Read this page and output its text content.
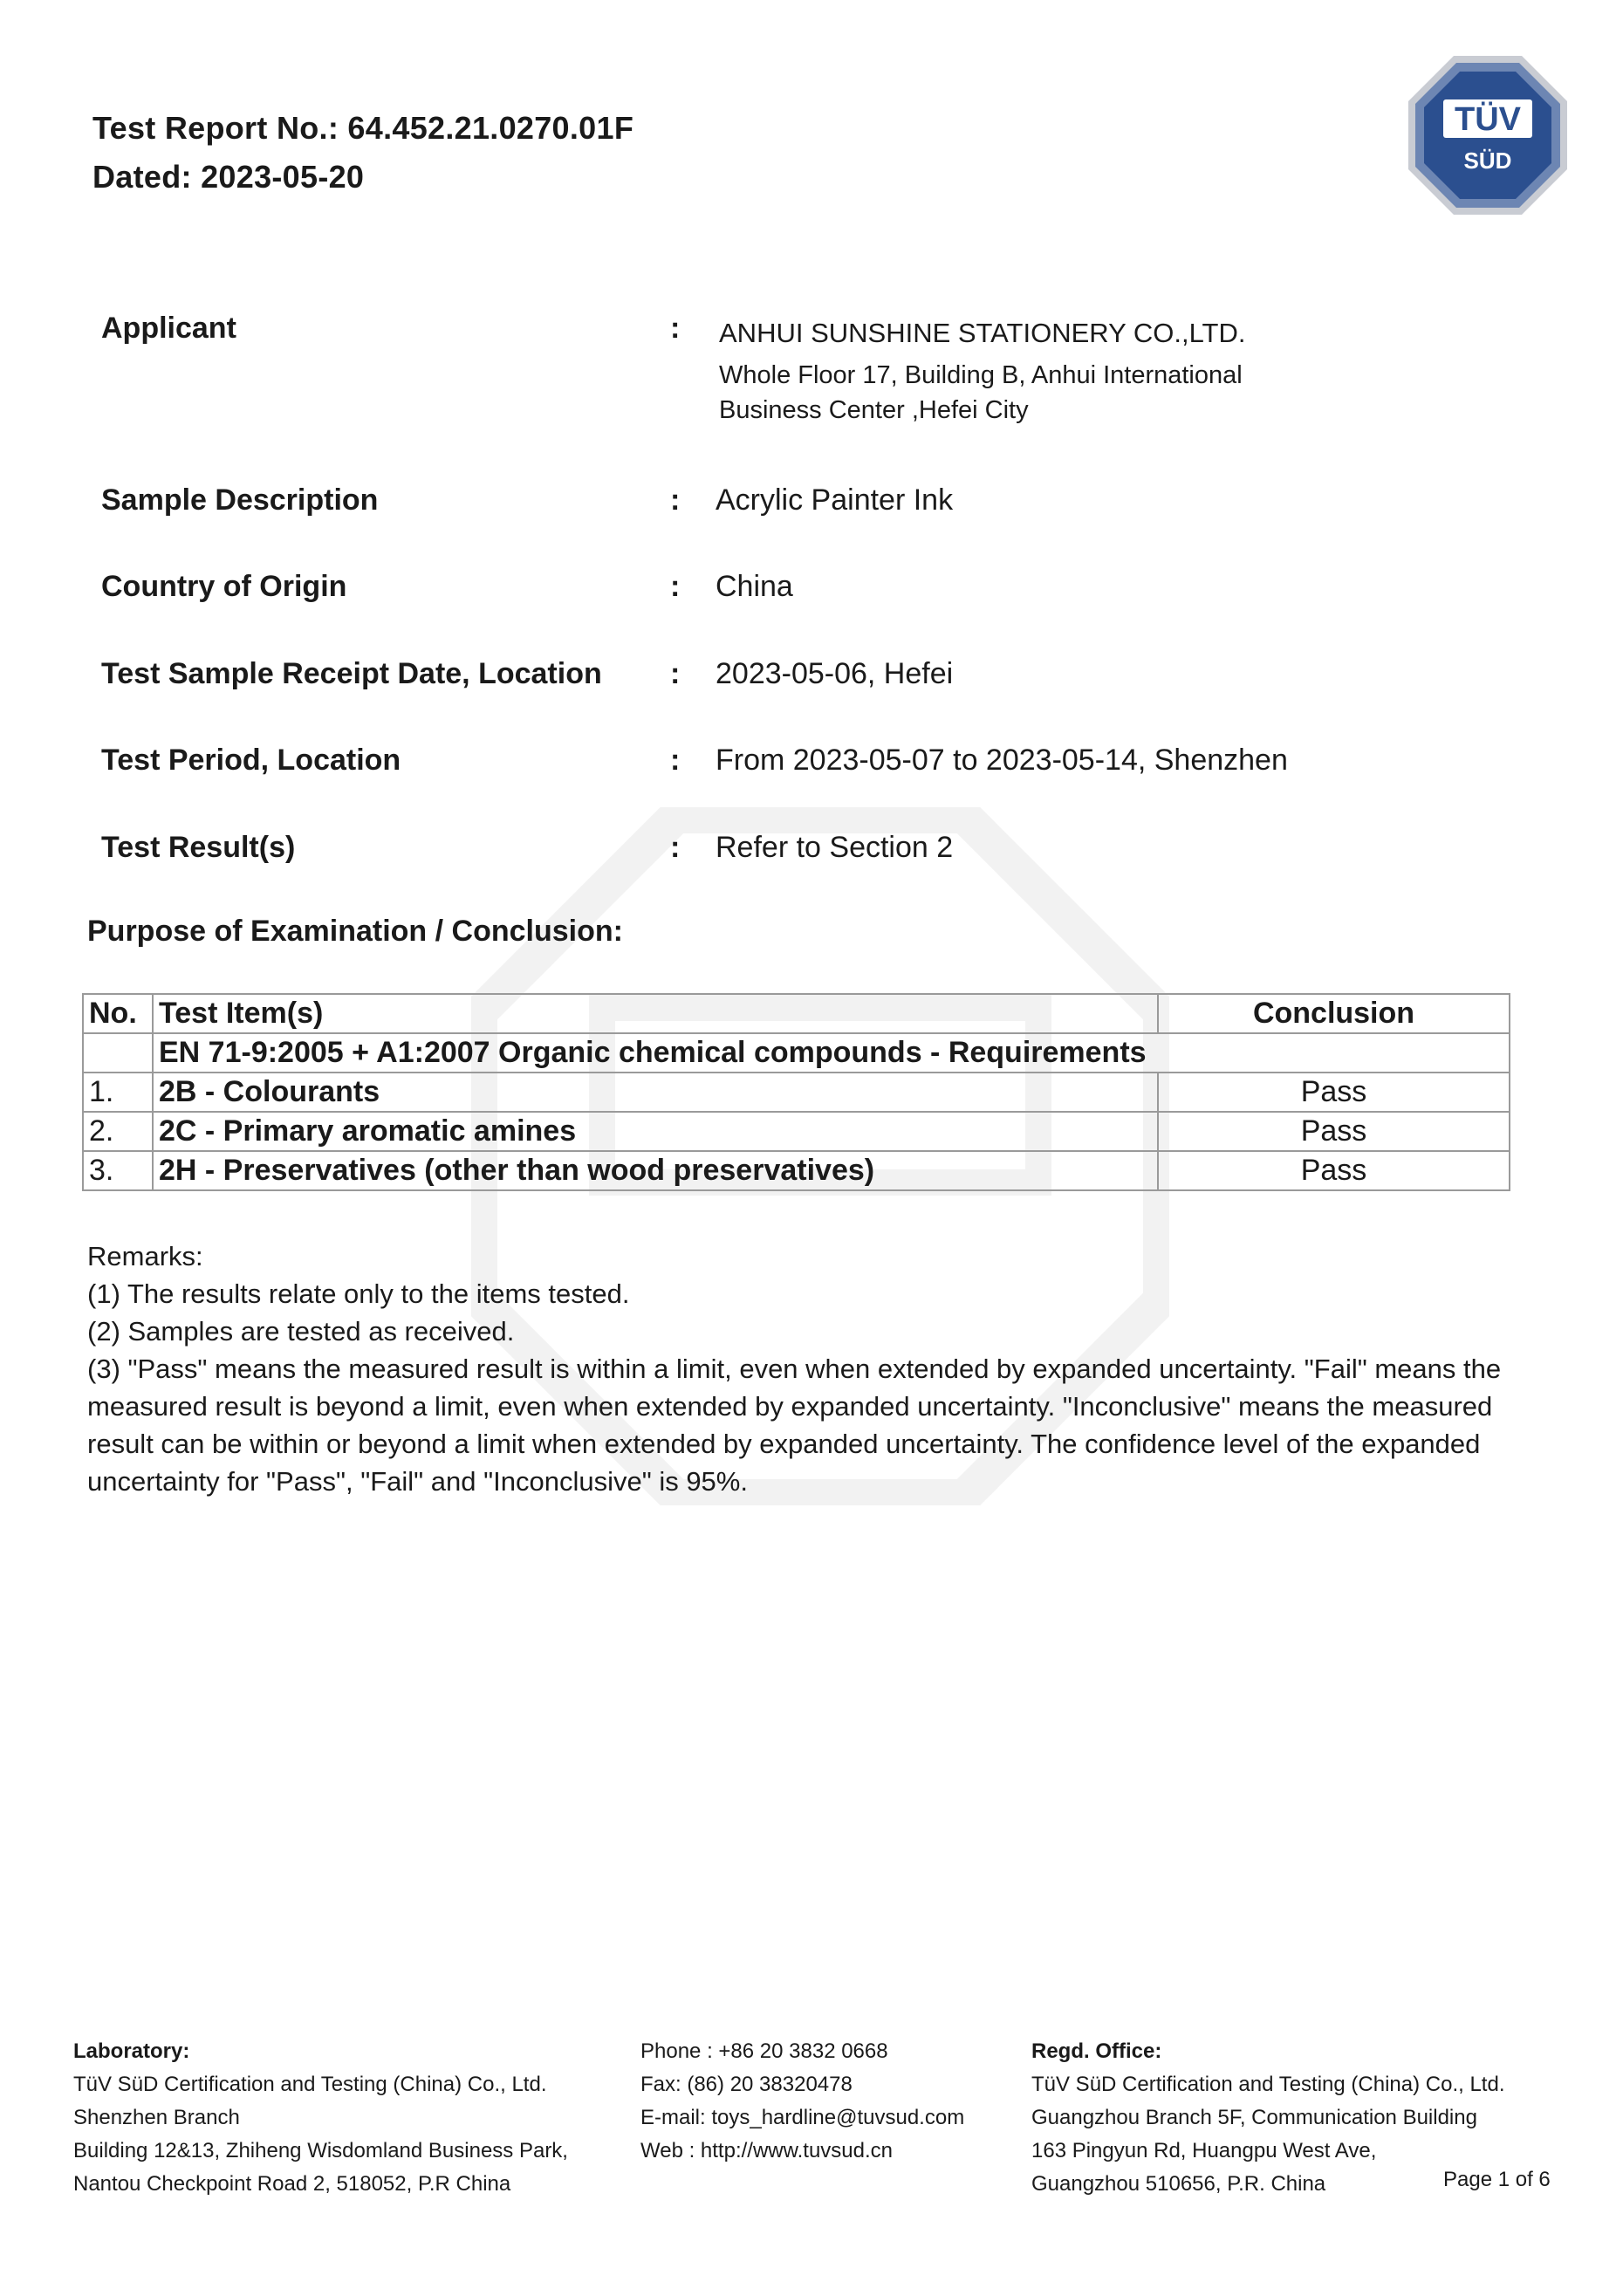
Test Report No.: 64.452.21.0270.01F
Dated: 2023-05-20
TÜV
SÜD
Applicant	: ANHUI SUNSHINE STATIONERY CO.,LTD.
Whole Floor 17, Building B, Anhui International
Business Center ,Hefei City
Sample Description	: Acrylic Painter Ink
Country of Origin	: China
Test Sample Receipt Date, Location : 2023-05-06, Hefei
Test Period, Location	: From 2023-05-07 to 2023-05-14, Shenzhen
Test Result(s)	: Refer to Section 2
Purpose of Examination / Conclusion:
No.	Test Item(s)	Conclusion
	EN 71-9:2005 + A1:2007 Organic chemical compounds - Requirements	
1.	2B - Colourants	Pass
2.	2C - Primary aromatic amines	Pass
3.	2H - Preservatives (other than wood preservatives)	Pass

Remarks:

(1) The results relate only to the items tested.

(2) Samples are tested as received.

(3) "Pass" means the measured result is within a limit, even when extended by expanded uncertainty. "Fail" means the measured result is beyond a limit, even when extended by expanded uncertainty. "Inconclusive" means the measured result can be within or beyond a limit when extended by expanded uncertainty. The confidence level of the expanded uncertainty for "Pass", "Fail" and "Inconclusive" is 95%.

Laboratory:
TüV SüD Certification and Testing (China) Co., Ltd.
Shenzhen Branch
Building 12&13, Zhiheng Wisdomland Business Park,
Nantou Checkpoint Road 2, 518052, P.R China
Phone : +86 20 3832 0668
Fax: (86) 20 38320478
E-mail: toys_hardline@tuvsud.com
Web : http://www.tuvsud.cn
Regd. Office:
TüV SüD Certification and Testing (China) Co., Ltd.
Guangzhou Branch 5F, Communication Building
163 Pingyun Rd, Huangpu West Ave,
Guangzhou 510656, P.R. China	Page 1 of 6
